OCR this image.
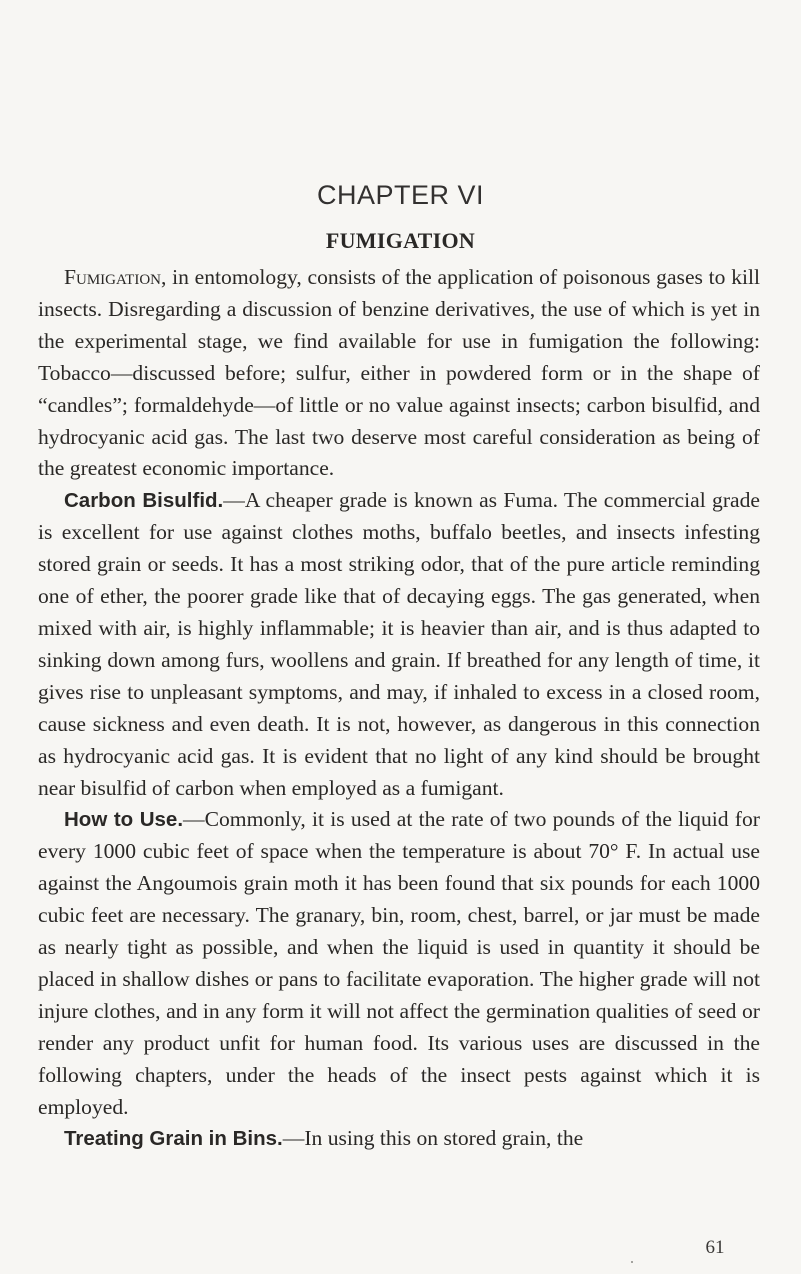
CHAPTER VI
FUMIGATION

Fumigation, in entomology, consists of the application of poisonous gases to kill insects. Disregarding a discussion of benzine derivatives, the use of which is yet in the experimental stage, we find available for use in fumigation the following: Tobacco—discussed before; sulfur, either in powdered form or in the shape of “candles”; formaldehyde—of little or no value against insects; carbon bisulfid, and hydrocyanic acid gas. The last two deserve most careful consideration as being of the greatest economic importance.

Carbon Bisulfid.—A cheaper grade is known as Fuma. The commercial grade is excellent for use against clothes moths, buffalo beetles, and insects infesting stored grain or seeds. It has a most striking odor, that of the pure article reminding one of ether, the poorer grade like that of decaying eggs. The gas generated, when mixed with air, is highly inflammable; it is heavier than air, and is thus adapted to sinking down among furs, woollens and grain. If breathed for any length of time, it gives rise to unpleasant symptoms, and may, if inhaled to excess in a closed room, cause sickness and even death. It is not, however, as dangerous in this connection as hydrocyanic acid gas. It is evident that no light of any kind should be brought near bisulfid of carbon when employed as a fumigant.

How to Use.—Commonly, it is used at the rate of two pounds of the liquid for every 1000 cubic feet of space when the temperature is about 70° F. In actual use against the Angoumois grain moth it has been found that six pounds for each 1000 cubic feet are necessary. The granary, bin, room, chest, barrel, or jar must be made as nearly tight as possible, and when the liquid is used in quantity it should be placed in shallow dishes or pans to facilitate evaporation. The higher grade will not injure clothes, and in any form it will not affect the germination qualities of seed or render any product unfit for human food. Its various uses are discussed in the following chapters, under the heads of the insect pests against which it is employed.

Treating Grain in Bins.—In using this on stored grain, the

61
